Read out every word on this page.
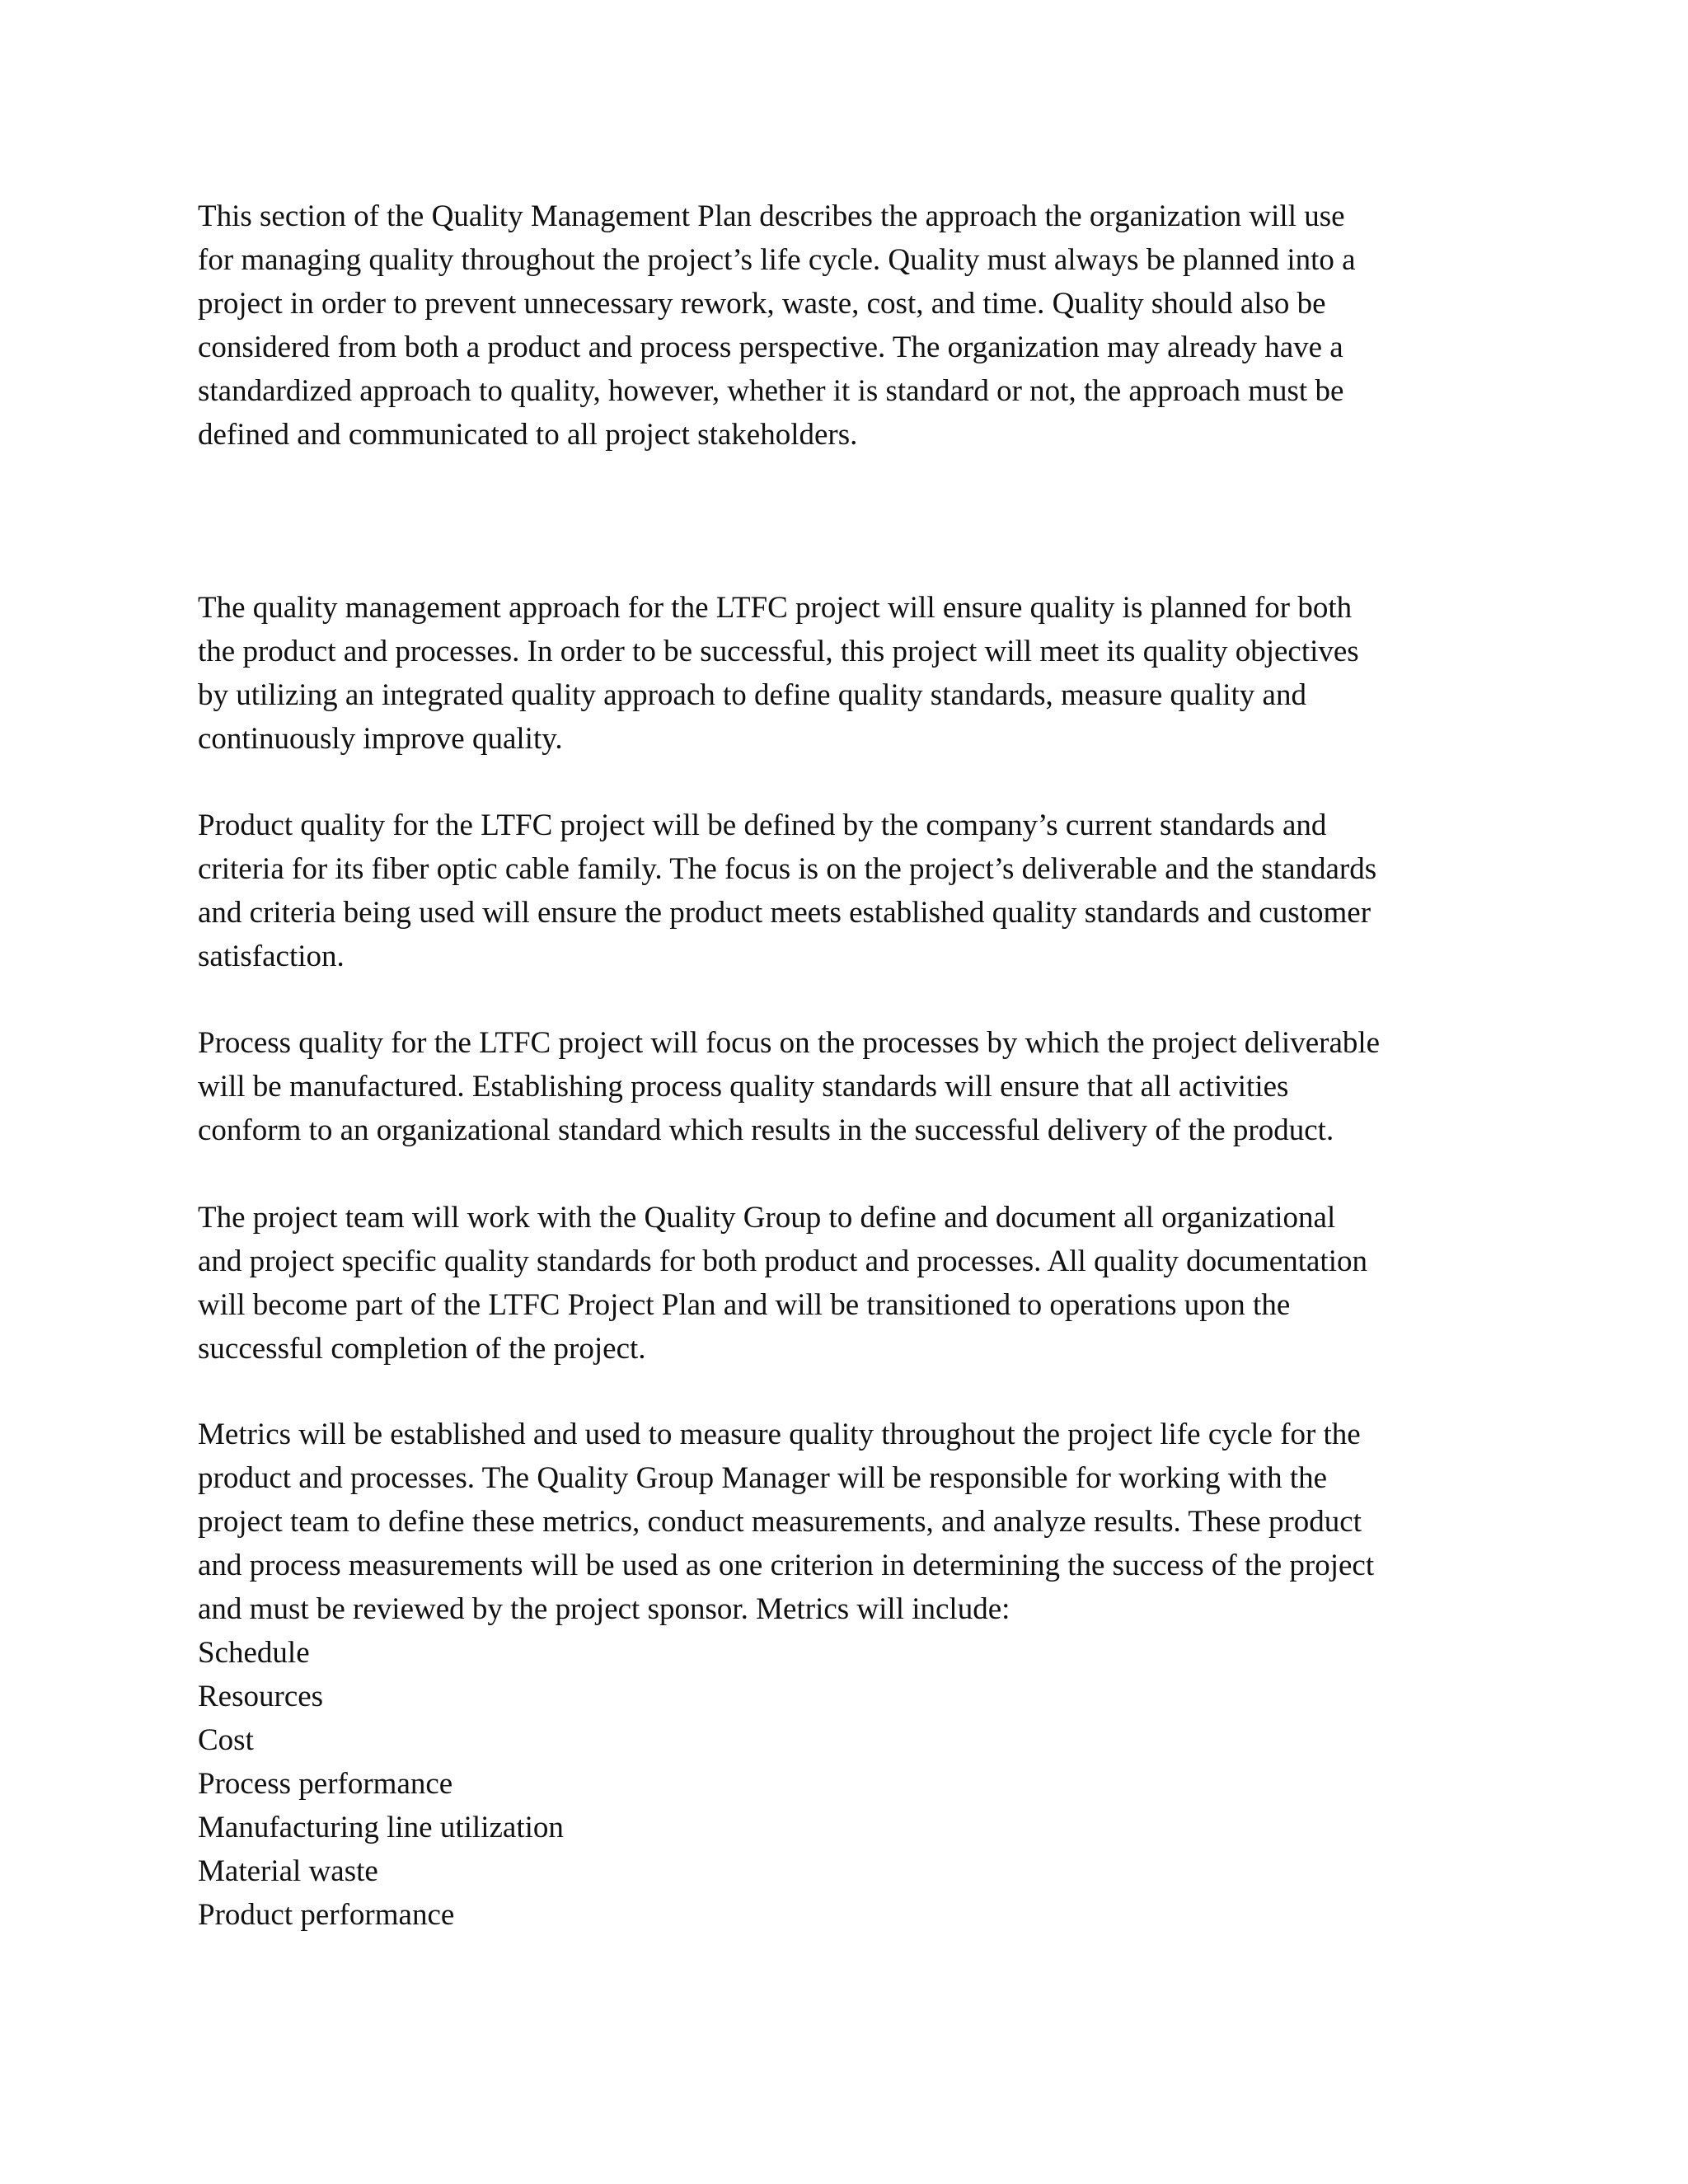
This section of the Quality Management Plan describes the approach the organization will use
for managing quality throughout the project’s life cycle. Quality must always be planned into a
project in order to prevent unnecessary rework, waste, cost, and time. Quality should also be
considered from both a product and process perspective. The organization may already have a
standardized approach to quality, however, whether it is standard or not, the approach must be
defined and communicated to all project stakeholders.

The quality management approach for the LTFC project will ensure quality is planned for both
the product and processes. In order to be successful, this project will meet its quality objectives
by utilizing an integrated quality approach to define quality standards, measure quality and
continuously improve quality.

Product quality for the LTFC project will be defined by the company’s current standards and
criteria for its fiber optic cable family. The focus is on the project’s deliverable and the standards
and criteria being used will ensure the product meets established quality standards and customer
satisfaction.

Process quality for the LTFC project will focus on the processes by which the project deliverable
will be manufactured. Establishing process quality standards will ensure that all activities
conform to an organizational standard which results in the successful delivery of the product.

The project team will work with the Quality Group to define and document all organizational
and project specific quality standards for both product and processes. All quality documentation
will become part of the LTFC Project Plan and will be transitioned to operations upon the
successful completion of the project.

Metrics will be established and used to measure quality throughout the project life cycle for the
product and processes. The Quality Group Manager will be responsible for working with the
project team to define these metrics, conduct measurements, and analyze results. These product
and process measurements will be used as one criterion in determining the success of the project
and must be reviewed by the project sponsor. Metrics will include:

Schedule
Resources
Cost
Process performance
Manufacturing line utilization
Material waste
Product performance
